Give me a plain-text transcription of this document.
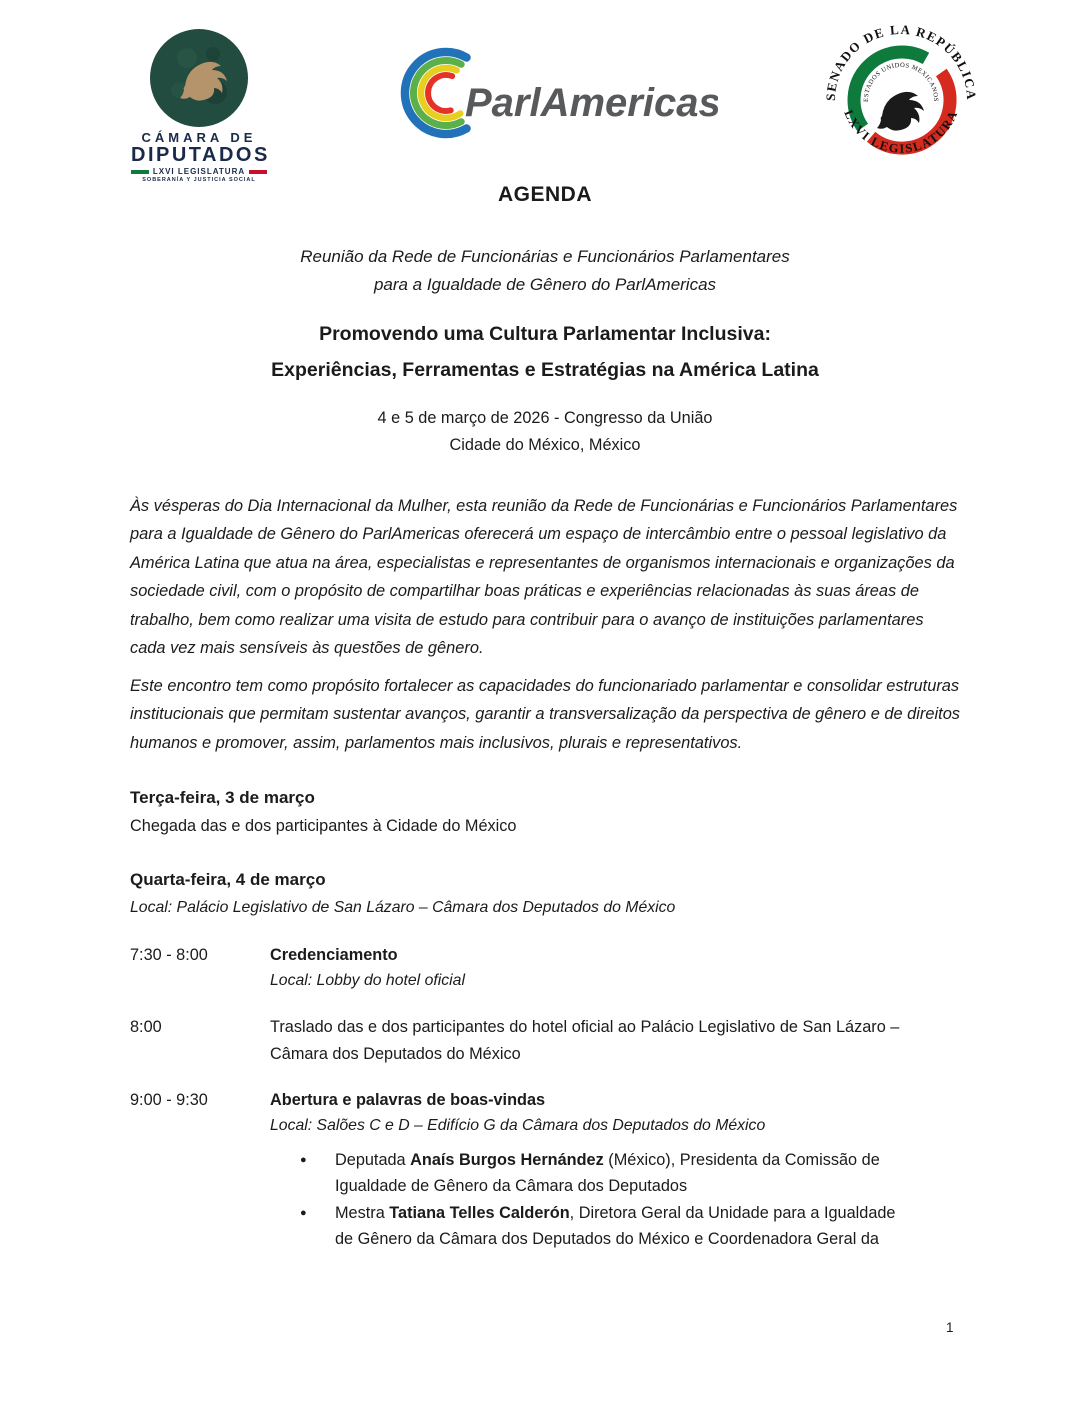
CÁMARA DE
DIPUTADOS
LXVI LEGISLATURA
SOBERANÍA Y JUSTICIA SOCIAL
ParlAmericas	SENADO DE LA REPÚBLICA
LXVI LEGISLATURA
ESTADOS UNIDOS MEXICANOS
AGENDA
Reunião da Rede de Funcionárias e Funcionários Parlamentares
para a Igualdade de Gênero do ParlAmericas
Promovendo uma Cultura Parlamentar Inclusiva:
Experiências, Ferramentas e Estratégias na América Latina
4 e 5 de março de 2026 - Congresso da União
Cidade do México, México
Às vésperas do Dia Internacional da Mulher, esta reunião da Rede de Funcionárias e Funcionários Parlamentares para a Igualdade de Gênero do ParlAmericas oferecerá um espaço de intercâmbio entre o pessoal legislativo da América Latina que atua na área, especialistas e representantes de organismos internacionais e organizações da sociedade civil, com o propósito de compartilhar boas práticas e experiências relacionadas às suas áreas de trabalho, bem como realizar uma visita de estudo para contribuir para o avanço de instituições parlamentares cada vez mais sensíveis às questões de gênero.
Este encontro tem como propósito fortalecer as capacidades do funcionariado parlamentar e consolidar estruturas institucionais que permitam sustentar avanços, garantir a transversalização da perspectiva de gênero e de direitos humanos e promover, assim, parlamentos mais inclusivos, plurais e representativos.
Terça-feira, 3 de março
Chegada das e dos participantes à Cidade do México
Quarta-feira, 4 de março
Local: Palácio Legislativo de San Lázaro – Câmara dos Deputados do México
7:30 - 8:00	Credenciamento
Local: Lobby do hotel oficial
8:00	Traslado das e dos participantes do hotel oficial ao Palácio Legislativo de San Lázaro – Câmara dos Deputados do México
9:00 - 9:30	Abertura e palavras de boas-vindas
Local: Salões C e D – Edifício G da Câmara dos Deputados do México
● Deputada Anaís Burgos Hernández (México), Presidenta da Comissão de Igualdade de Gênero da Câmara dos Deputados
● Mestra Tatiana Telles Calderón, Diretora Geral da Unidade para a Igualdade de Gênero da Câmara dos Deputados do México e Coordenadora Geral da
1
